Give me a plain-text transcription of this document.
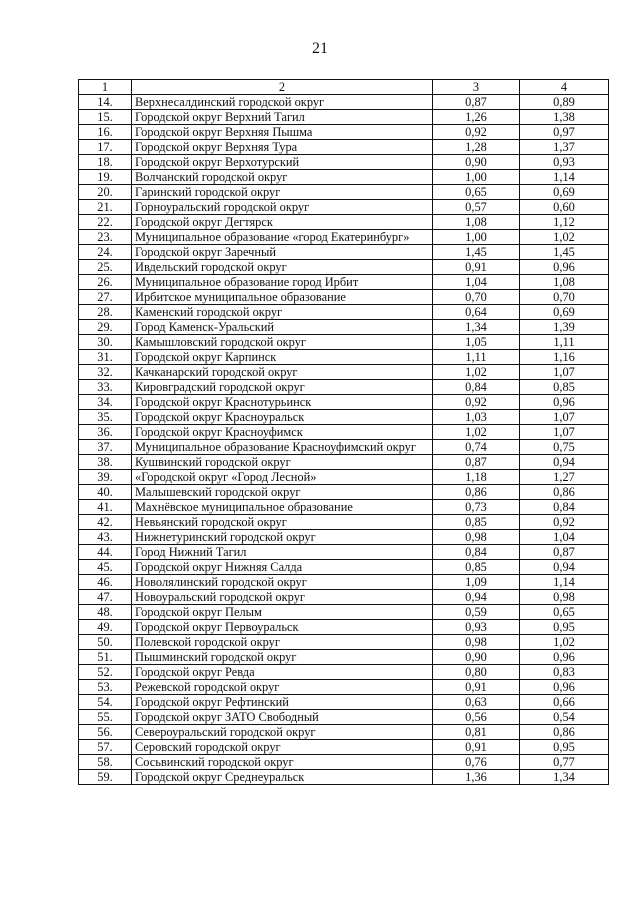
21
1	2	3	4
14.	Верхнесалдинский городской округ	0,87	0,89
15.	Городской округ Верхний Тагил	1,26	1,38
16.	Городской округ Верхняя Пышма	0,92	0,97
17.	Городской округ Верхняя Тура	1,28	1,37
18.	Городской округ Верхотурский	0,90	0,93
19.	Волчанский городской округ	1,00	1,14
20.	Гаринский городской округ	0,65	0,69
21.	Горноуральский городской округ	0,57	0,60
22.	Городской округ Дегтярск	1,08	1,12
23.	Муниципальное образование «город Екатеринбург»	1,00	1,02
24.	Городской округ Заречный	1,45	1,45
25.	Ивдельский городской округ	0,91	0,96
26.	Муниципальное образование город Ирбит	1,04	1,08
27.	Ирбитское муниципальное образование	0,70	0,70
28.	Каменский городской округ	0,64	0,69
29.	Город Каменск-Уральский	1,34	1,39
30.	Камышловский городской округ	1,05	1,11
31.	Городской округ Карпинск	1,11	1,16
32.	Качканарский городской округ	1,02	1,07
33.	Кировградский городской округ	0,84	0,85
34.	Городской округ Краснотурьинск	0,92	0,96
35.	Городской округ Красноуральск	1,03	1,07
36.	Городской округ Красноуфимск	1,02	1,07
37.	Муниципальное образование Красноуфимский округ	0,74	0,75
38.	Кушвинский городской округ	0,87	0,94
39.	«Городской округ «Город Лесной»	1,18	1,27
40.	Малышевский городской округ	0,86	0,86
41.	Махнёвское муниципальное образование	0,73	0,84
42.	Невьянский городской округ	0,85	0,92
43.	Нижнетуринский городской округ	0,98	1,04
44.	Город Нижний Тагил	0,84	0,87
45.	Городской округ Нижняя Салда	0,85	0,94
46.	Новолялинский городской округ	1,09	1,14
47.	Новоуральский городской округ	0,94	0,98
48.	Городской округ Пелым	0,59	0,65
49.	Городской округ Первоуральск	0,93	0,95
50.	Полевской городской округ	0,98	1,02
51.	Пышминский городской округ	0,90	0,96
52.	Городской округ Ревда	0,80	0,83
53.	Режевской городской округ	0,91	0,96
54.	Городской округ Рефтинский	0,63	0,66
55.	Городской округ ЗАТО Свободный	0,56	0,54
56.	Североуральский городской округ	0,81	0,86
57.	Серовский городской округ	0,91	0,95
58.	Сосьвинский городской округ	0,76	0,77
59.	Городской округ Среднеуральск	1,36	1,34
